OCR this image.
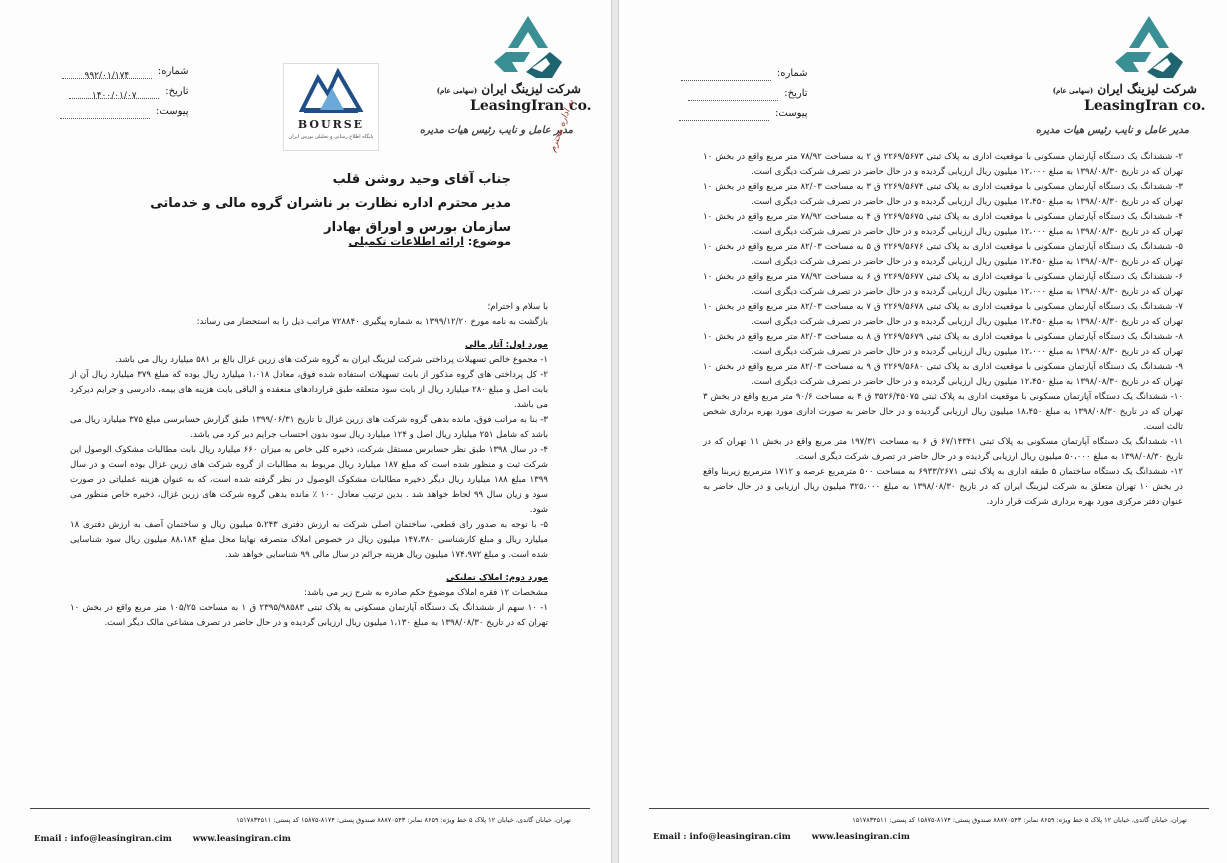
شرکت لیزینگ ایران (سهامی عام)
LeasingIran co.
مدیر عامل و نایب رئیس هیات مدیره
شماره:
۹۹۲/۰۱/۱۷۴
تاریخ:
۱۴۰۰/۰۱/۰۷
پیوست:
BOURSE
پایگاه اطلاع رسانی و تحلیلی بورس ایران	به اداره محترم
جناب آقای وحید روشن قلب
مدیر محترم اداره نظارت بر ناشران گروه مالی و خدماتی
سازمان بورس و اوراق بهادار
موضوع: ارائه اطلاعات تکمیلی

با سلام و احترام؛

بازگشت به نامه مورخ ۱۳۹۹/۱۲/۲۰ به شماره پیگیری ۷۲۸۸۴۰ مراتب ذیل را به استحضار می رساند:

مورد اول: آثار مالی

۱- مجموع خالص تسهیلات پرداختی شرکت لیزینگ ایران به گروه شرکت های زرین غزال بالغ بر ۵۸۱ میلیارد ریال می باشد.

۲- کل پرداختی های گروه مذکور از بابت تسهیلات استفاده شده فوق، معادل ۱،۰۱۸ میلیارد ریال بوده که مبلغ ۳۷۹ میلیارد ریال آن از بابت اصل و مبلغ ۲۸۰ میلیارد ریال از بابت سود متعلقه طبق قراردادهای منعقده و الباقی بابت هزینه های بیمه، دادرسی و جرایم دیرکرد می باشد.

۳- بنا به مراتب فوق، مانده بدهی گروه شرکت های زرین غزال تا تاریخ ۱۳۹۹/۰۶/۳۱ طبق گزارش حسابرسی مبلغ ۳۷۵ میلیارد ریال می باشد که شامل ۲۵۱ میلیارد ریال اصل و ۱۲۴ میلیارد ریال سود بدون احتساب جرایم دیر کرد می باشد.

۴- در سال ۱۳۹۸ طبق نظر حسابرس مستقل شرکت، ذخیره کلی خاص به میزان ۶۶۰ میلیارد ریال بابت مطالبات مشکوک الوصول این شرکت ثبت و منظور شده است که مبلغ ۱۸۷ میلیارد ریال مربوط به مطالبات از گروه شرکت های زرین غزال بوده است و در سال ۱۳۹۹ مبلغ ۱۸۸ میلیارد ریال دیگر ذخیره مطالبات مشکوک الوصول در نظر گرفته شده است، که به عنوان هزینه عملیاتی در صورت سود و زیان سال ۹۹ لحاظ خواهد شد . بدین ترتیب معادل ۱۰۰ ٪ مانده بدهی گروه شرکت های زرین غزال، ذخیره خاص منظور می شود.

۵- با توجه به صدور رای قطعی، ساختمان اصلی شرکت به ارزش دفتری ۵،۲۴۳ میلیون ریال و ساختمان آصف به ارزش دفتری ۱۸ میلیارد ریال و مبلغ کارشناسی ۱۴۷،۳۸۰ میلیون ریال در خصوص املاک متصرفه نهایتا محل مبلغ ۸۸،۱۸۴ میلیون ریال سود شناسایی شده است. و مبلغ ۱۷۴،۹۷۲ میلیون ریال هزینه جرائم در سال مالی ۹۹ شناسایی خواهد شد.

مورد دوم: املاک تملیکی

مشخصات ۱۲ فقره املاک موضوع حکم صادره به شرح زیر می باشد:

۱- ۱۰ سهم از ششدانگ یک دستگاه آپارتمان مسکونی به پلاک ثبتی ۲۳۹۵/۹۸۵۸۳ ق ۱ به مساحت ۱۰۵/۲۵ متر مربع واقع در بخش ۱۰ تهران که در تاریخ ۱۳۹۸/۰۸/۳۰ به مبلغ ۱،۱۳۰ میلیون ریال ارزیابی گردیده و در حال حاضر در تصرف مشاعی مالک دیگر است.

تهران، خیابان گاندی، خیابان ۱۲ پلاک ۵ خط ویژه: ۸۶۵۹ نمابر: ۸۸۸۷۰۵۴۳ صندوق پستی: ۸۱۷۴-۱۵۸۷۵ کد پستی: ۱۵۱۷۸۳۴۵۱۱
Email : info@leasingiran.cim www.leasingiran.cim
شرکت لیزینگ ایران (سهامی عام)
LeasingIran co.
مدیر عامل و نایب رئیس هیات مدیره
شماره:
تاریخ:
پیوست:

۲- ششدانگ یک دستگاه آپارتمان مسکونی با موقعیت اداری به پلاک ثبتی ۲۲۶۹/۵۶۷۳ ق ۲ به مساحت ۷۸/۹۲ متر مربع واقع در بخش ۱۰ تهران که در تاریخ ۱۳۹۸/۰۸/۳۰ به مبلغ ۱۲،۰۰۰ میلیون ریال ارزیابی گردیده و در حال حاضر در تصرف شرکت دیگری است.

۳- ششدانگ یک دستگاه آپارتمان مسکونی با موقعیت اداری به پلاک ثبتی ۲۲۶۹/۵۶۷۴ ق ۳ به مساحت ۸۲/۰۳ متر مربع واقع در بخش ۱۰ تهران که در تاریخ ۱۳۹۸/۰۸/۳۰ به مبلغ ۱۲،۴۵۰ میلیون ریال ارزیابی گردیده و در حال حاضر در تصرف شرکت دیگری است.

۴- ششدانگ یک دستگاه آپارتمان مسکونی با موقعیت اداری به پلاک ثبتی ۲۲۶۹/۵۶۷۵ ق ۴ به مساحت ۷۸/۹۲ متر مربع واقع در بخش ۱۰ تهران که در تاریخ ۱۳۹۸/۰۸/۳۰ به مبلغ ۱۲،۰۰۰ میلیون ریال ارزیابی گردیده و در حال حاضر در تصرف شرکت دیگری است.

۵- ششدانگ یک دستگاه آپارتمان مسکونی با موقعیت اداری به پلاک ثبتی ۲۲۶۹/۵۶۷۶ ق ۵ به مساحت ۸۲/۰۳ متر مربع واقع در بخش ۱۰ تهران که در تاریخ ۱۳۹۸/۰۸/۳۰ به مبلغ ۱۲،۴۵۰ میلیون ریال ارزیابی گردیده و در حال حاضر در تصرف شرکت دیگری است.

۶- ششدانگ یک دستگاه آپارتمان مسکونی با موقعیت اداری به پلاک ثبتی ۲۲۶۹/۵۶۷۷ ق ۶ به مساحت ۷۸/۹۲ متر مربع واقع در بخش ۱۰ تهران که در تاریخ ۱۳۹۸/۰۸/۳۰ به مبلغ ۱۲،۰۰۰ میلیون ریال ارزیابی گردیده و در حال حاضر در تصرف شرکت دیگری است.

۷- ششدانگ یک دستگاه آپارتمان مسکونی با موقعیت اداری به پلاک ثبتی ۲۲۶۹/۵۶۷۸ ق ۷ به مساحت ۸۲/۰۳ متر مربع واقع در بخش ۱۰ تهران که در تاریخ ۱۳۹۸/۰۸/۳۰ به مبلغ ۱۲،۴۵۰ میلیون ریال ارزیابی گردیده و در حال حاضر در تصرف شرکت دیگری است.

۸- ششدانگ یک دستگاه آپارتمان مسکونی با موقعیت اداری به پلاک ثبتی ۲۲۶۹/۵۶۷۹ ق ۸ به مساحت ۸۲/۰۳ متر مربع واقع در بخش ۱۰ تهران که در تاریخ ۱۳۹۸/۰۸/۳۰ به مبلغ ۱۲،۰۰۰ میلیون ریال ارزیابی گردیده و در حال حاضر در تصرف شرکت دیگری است.

۹- ششدانگ یک دستگاه آپارتمان مسکونی با موقعیت اداری به پلاک ثبتی ۲۲۶۹/۵۶۸۰ ق ۹ به مساحت ۸۲/۰۳ متر مربع واقع در بخش ۱۰ تهران که در تاریخ ۱۳۹۸/۰۸/۳۰ به مبلغ ۱۲،۴۵۰ میلیون ریال ارزیابی گردیده و در حال حاضر در تصرف شرکت دیگری است.

۱۰- ششدانگ یک دستگاه آپارتمان مسکونی با موقعیت اداری به پلاک ثبتی ۳۵۲۶/۴۵۰۷۵ ق ۴ به مساحت ۹۰/۶ متر مربع واقع در بخش ۳ تهران که در تاریخ ۱۳۹۸/۰۸/۳۰ به مبلغ ۱۸،۴۵۰ میلیون ریال ارزیابی گردیده و در حال حاضر به صورت اداری مورد بهره برداری شخص ثالث است.

۱۱- ششدانگ یک دستگاه آپارتمان مسکونی به پلاک ثبتی ۶۷/۱۴۳۴۱ ق ۶ به مساحت ۱۹۷/۳۱ متر مربع واقع در بخش ۱۱ تهران که در تاریخ ۱۳۹۸/۰۸/۳۰ به مبلغ ۵۰،۰۰۰ میلیون ریال ارزیابی گردیده و در حال حاضر در تصرف شرکت دیگری است.

۱۲- ششدانگ یک دستگاه ساختمان ۵ طبقه اداری به پلاک ثبتی ۶۹۳۳/۲۶۷۱ به مساحت ۵۰۰ مترمربع عرصه و ۱۷۱۲ مترمربع زیربنا واقع در بخش ۱۰ تهران متعلق به شرکت لیزینگ ایران که در تاریخ ۱۳۹۸/۰۸/۳۰ به مبلغ ۳۲۵،۰۰۰ میلیون ریال ارزیابی و در حال حاضر به عنوان دفتر مرکزی مورد بهره برداری شرکت قرار دارد.

تهران، خیابان گاندی، خیابان ۱۲ پلاک ۵ خط ویژه: ۸۶۵۹ نمابر: ۸۸۸۷۰۵۴۳ صندوق پستی: ۸۱۷۴-۱۵۸۷۵ کد پستی: ۱۵۱۷۸۳۴۵۱۱
Email : info@leasingiran.cim www.leasingiran.cim
